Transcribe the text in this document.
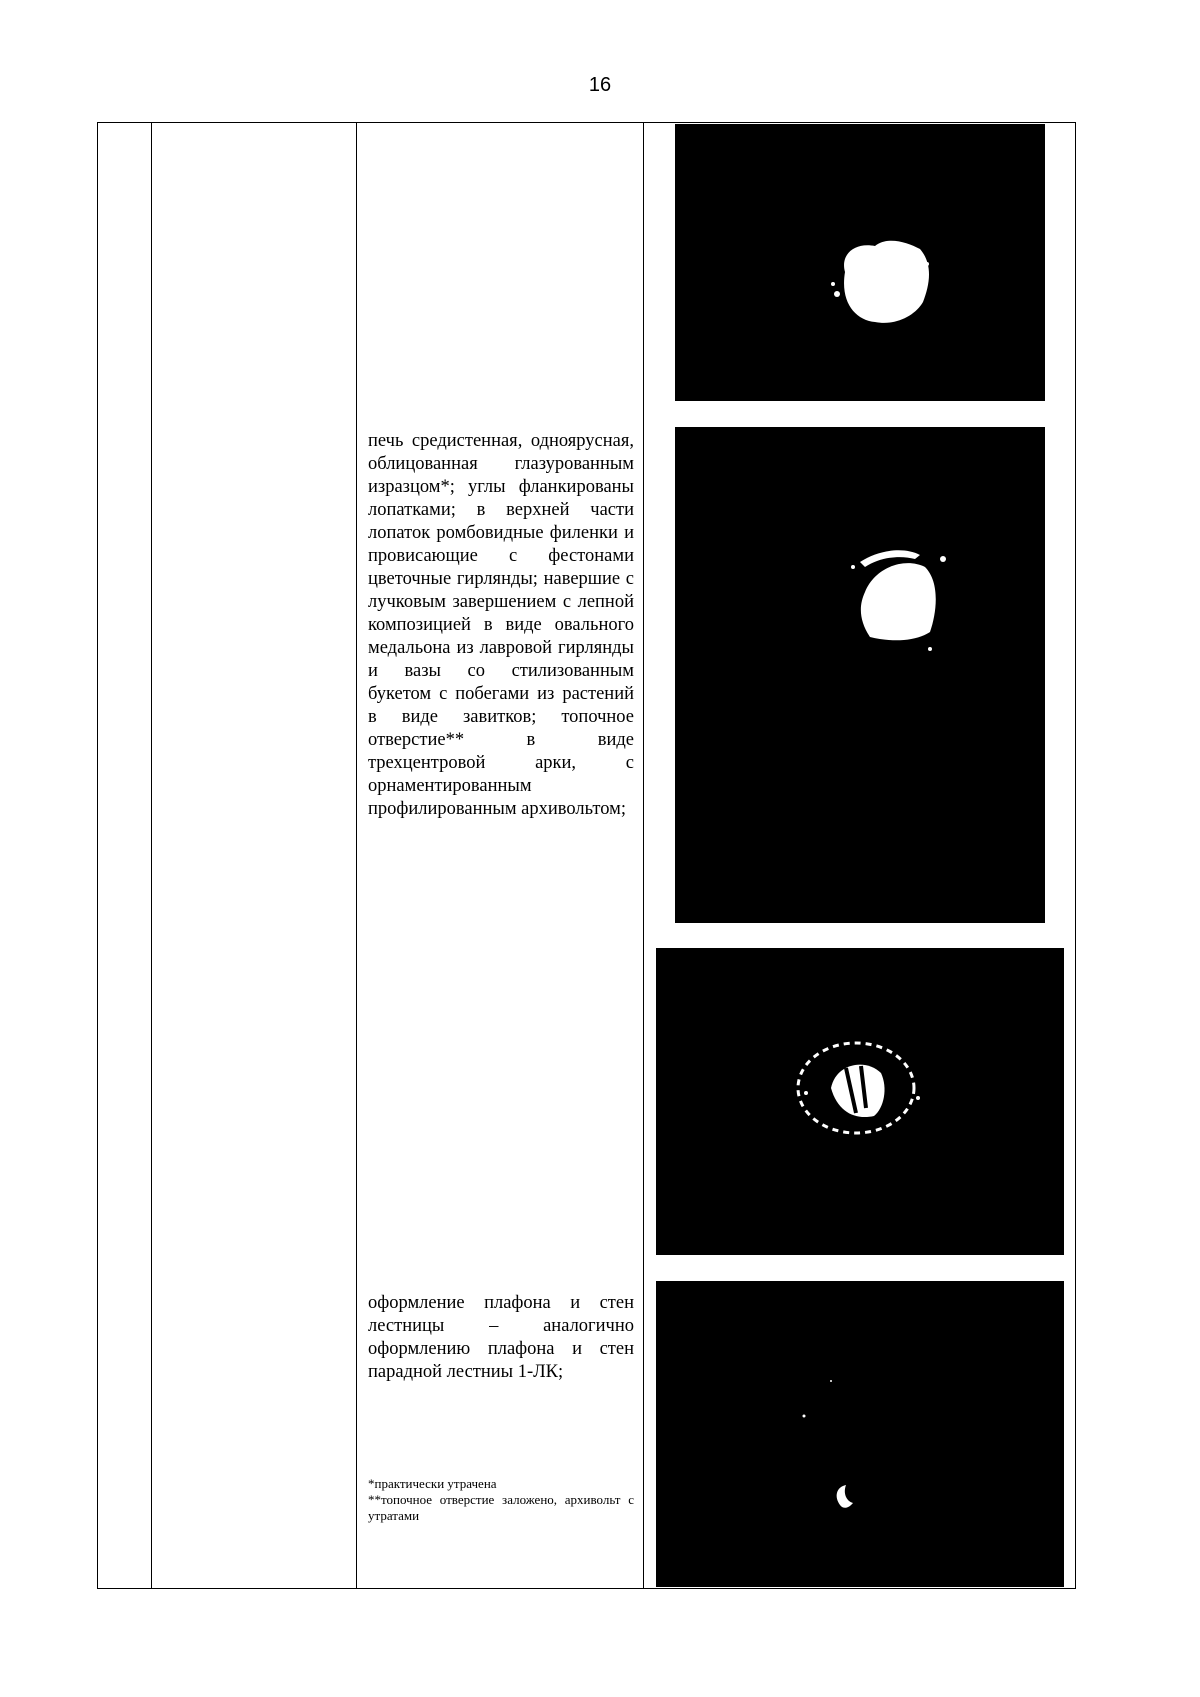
16
печь средистенная, одноярусная, облицованная глазурованным изразцом*; углы фланкированы лопатками; в верхней части лопаток ромбовидные филенки и провисающие с фестонами цветочные гирлянды; навершие с лучковым завершением с лепной композицией в виде овального медальона из лавровой гирлянды и вазы со стилизованным букетом с побегами из растений в виде завитков; топочное отверстие** в виде трехцентровой арки, с орнаментированным профилированным архивольтом;
оформление плафона и стен лестницы – аналогично оформлению плафона и стен парадной лестниы 1-ЛК;
*практически утрачена
**топочное отверстие заложено, архивольт с утратами
